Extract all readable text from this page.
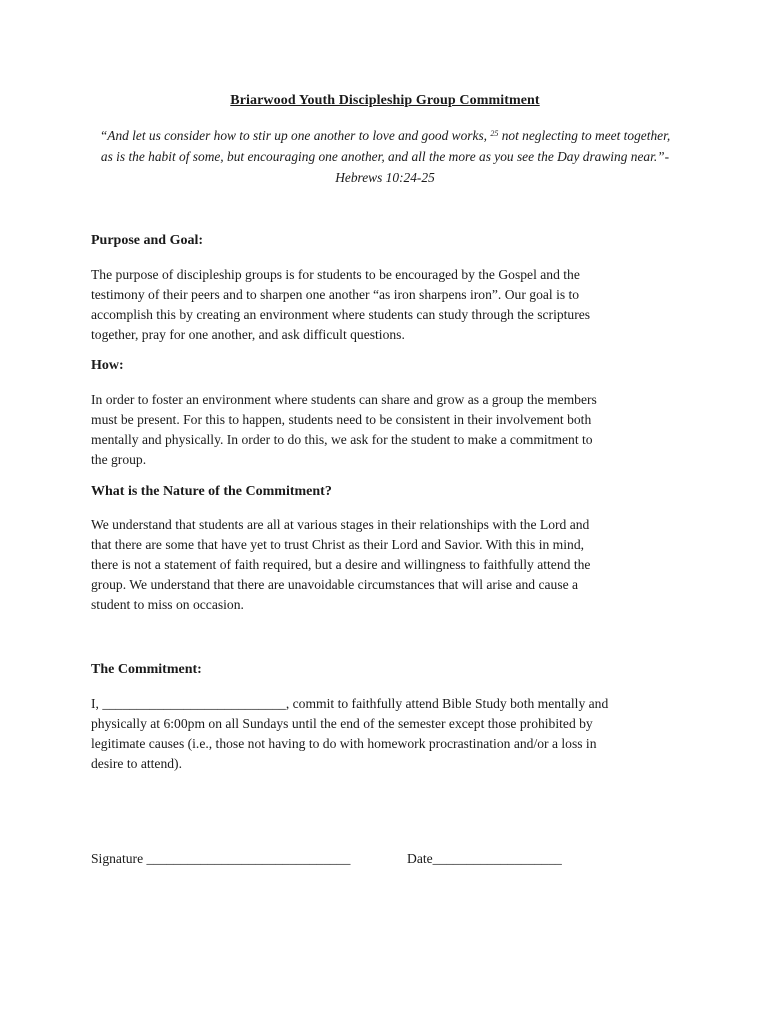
Briarwood Youth Discipleship Group Commitment
“And let us consider how to stir up one another to love and good works, $^{25}$ not neglecting to meet together,
as is the habit of some, but encouraging one another, and all the more as you see the Day drawing near.”-
Hebrews 10:24-25
Purpose and Goal:
The purpose of discipleship groups is for students to be encouraged by the Gospel and the
testimony of their peers and to sharpen one another “as iron sharpens iron”. Our goal is to
accomplish this by creating an environment where students can study through the scriptures
together, pray for one another, and ask difficult questions.
How:
In order to foster an environment where students can share and grow as a group the members
must be present. For this to happen, students need to be consistent in their involvement both
mentally and physically. In order to do this, we ask for the student to make a commitment to
the group.
What is the Nature of the Commitment?
We understand that students are all at various stages in their relationships with the Lord and
that there are some that have yet to trust Christ as their Lord and Savior. With this in mind,
there is not a statement of faith required, but a desire and willingness to faithfully attend the
group. We understand that there are unavoidable circumstances that will arise and cause a
student to miss on occasion.
The Commitment:
I, ___________________________, commit to faithfully attend Bible Study both mentally and
physically at 6:00pm on all Sundays until the end of the semester except those prohibited by
legitimate causes (i.e., those not having to do with homework procrastination and/or a loss in
desire to attend).
Signature ______________________________	Date___________________
